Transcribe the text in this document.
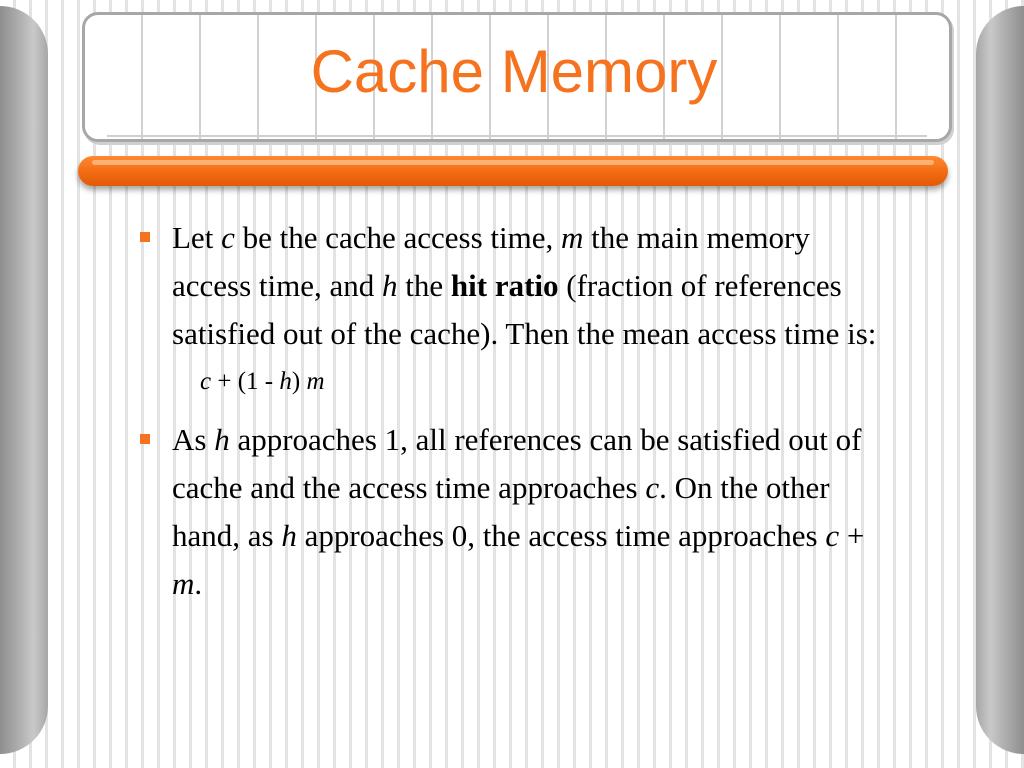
Cache Memory
Let c be the cache access time, m the main memory access time, and h the hit ratio (fraction of references satisfied out of the cache). Then the mean access time is:
c + (1 - h) m
As h approaches 1, all references can be satisfied out of cache and the access time approaches c. On the other hand, as h approaches 0, the access time approaches c + m.
